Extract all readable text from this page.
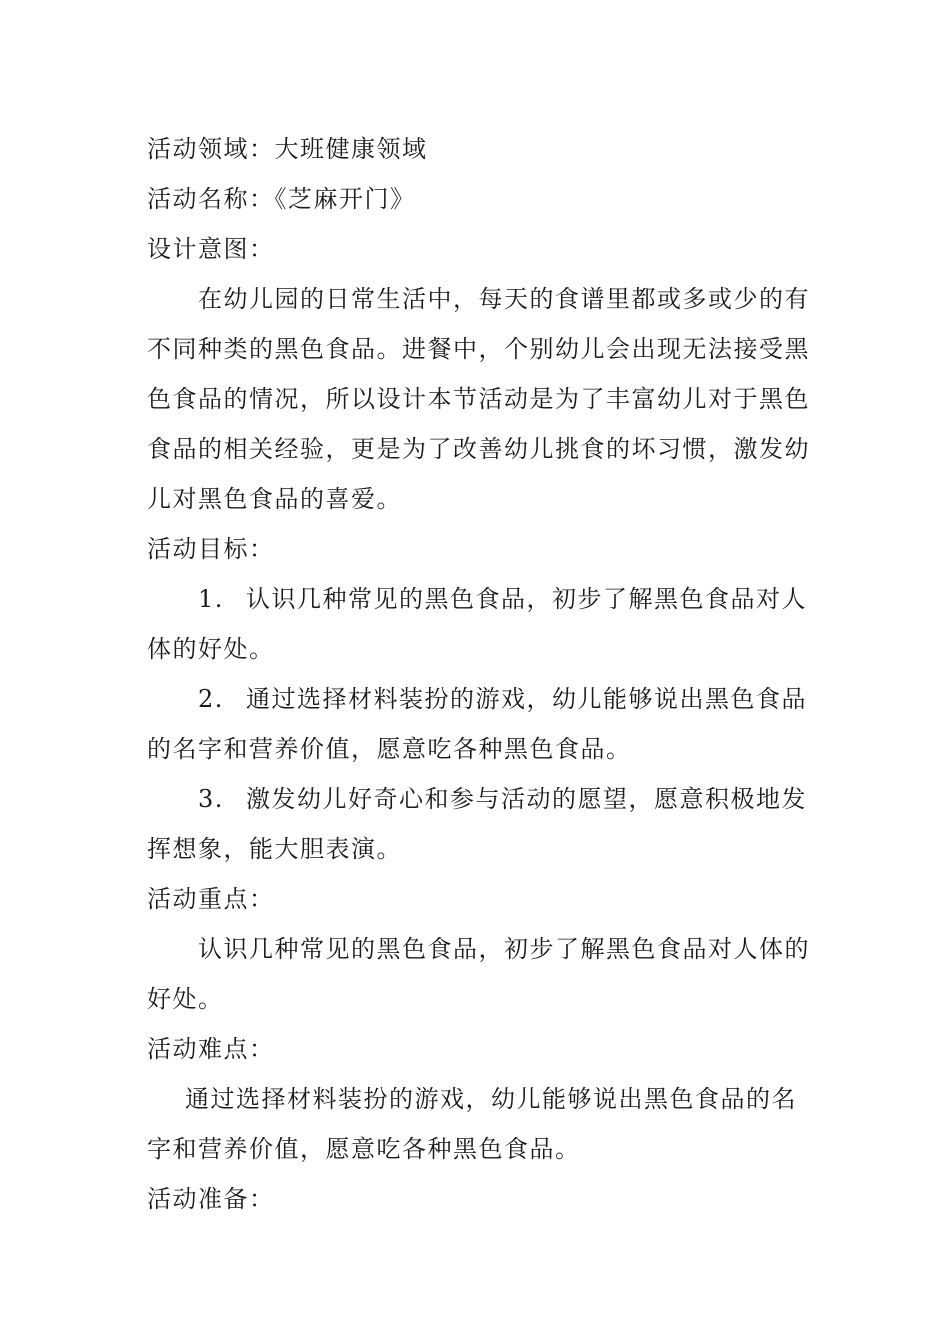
活动领域：大班健康领域
活动名称：《芝麻开门》
设计意图：
在幼儿园的日常生活中，每天的食谱里都或多或少的有
不同种类的黑色食品。进餐中，个别幼儿会出现无法接受黑
色食品的情况，所以设计本节活动是为了丰富幼儿对于黑色
食品的相关经验，更是为了改善幼儿挑食的坏习惯，激发幼
儿对黑色食品的喜爱。
活动目标：
1. 认识几种常见的黑色食品，初步了解黑色食品对人
体的好处。
2. 通过选择材料装扮的游戏，幼儿能够说出黑色食品
的名字和营养价值，愿意吃各种黑色食品。
3. 激发幼儿好奇心和参与活动的愿望，愿意积极地发
挥想象，能大胆表演。
活动重点：
认识几种常见的黑色食品，初步了解黑色食品对人体的
好处。
活动难点：
通过选择材料装扮的游戏，幼儿能够说出黑色食品的名
字和营养价值，愿意吃各种黑色食品。
活动准备：
